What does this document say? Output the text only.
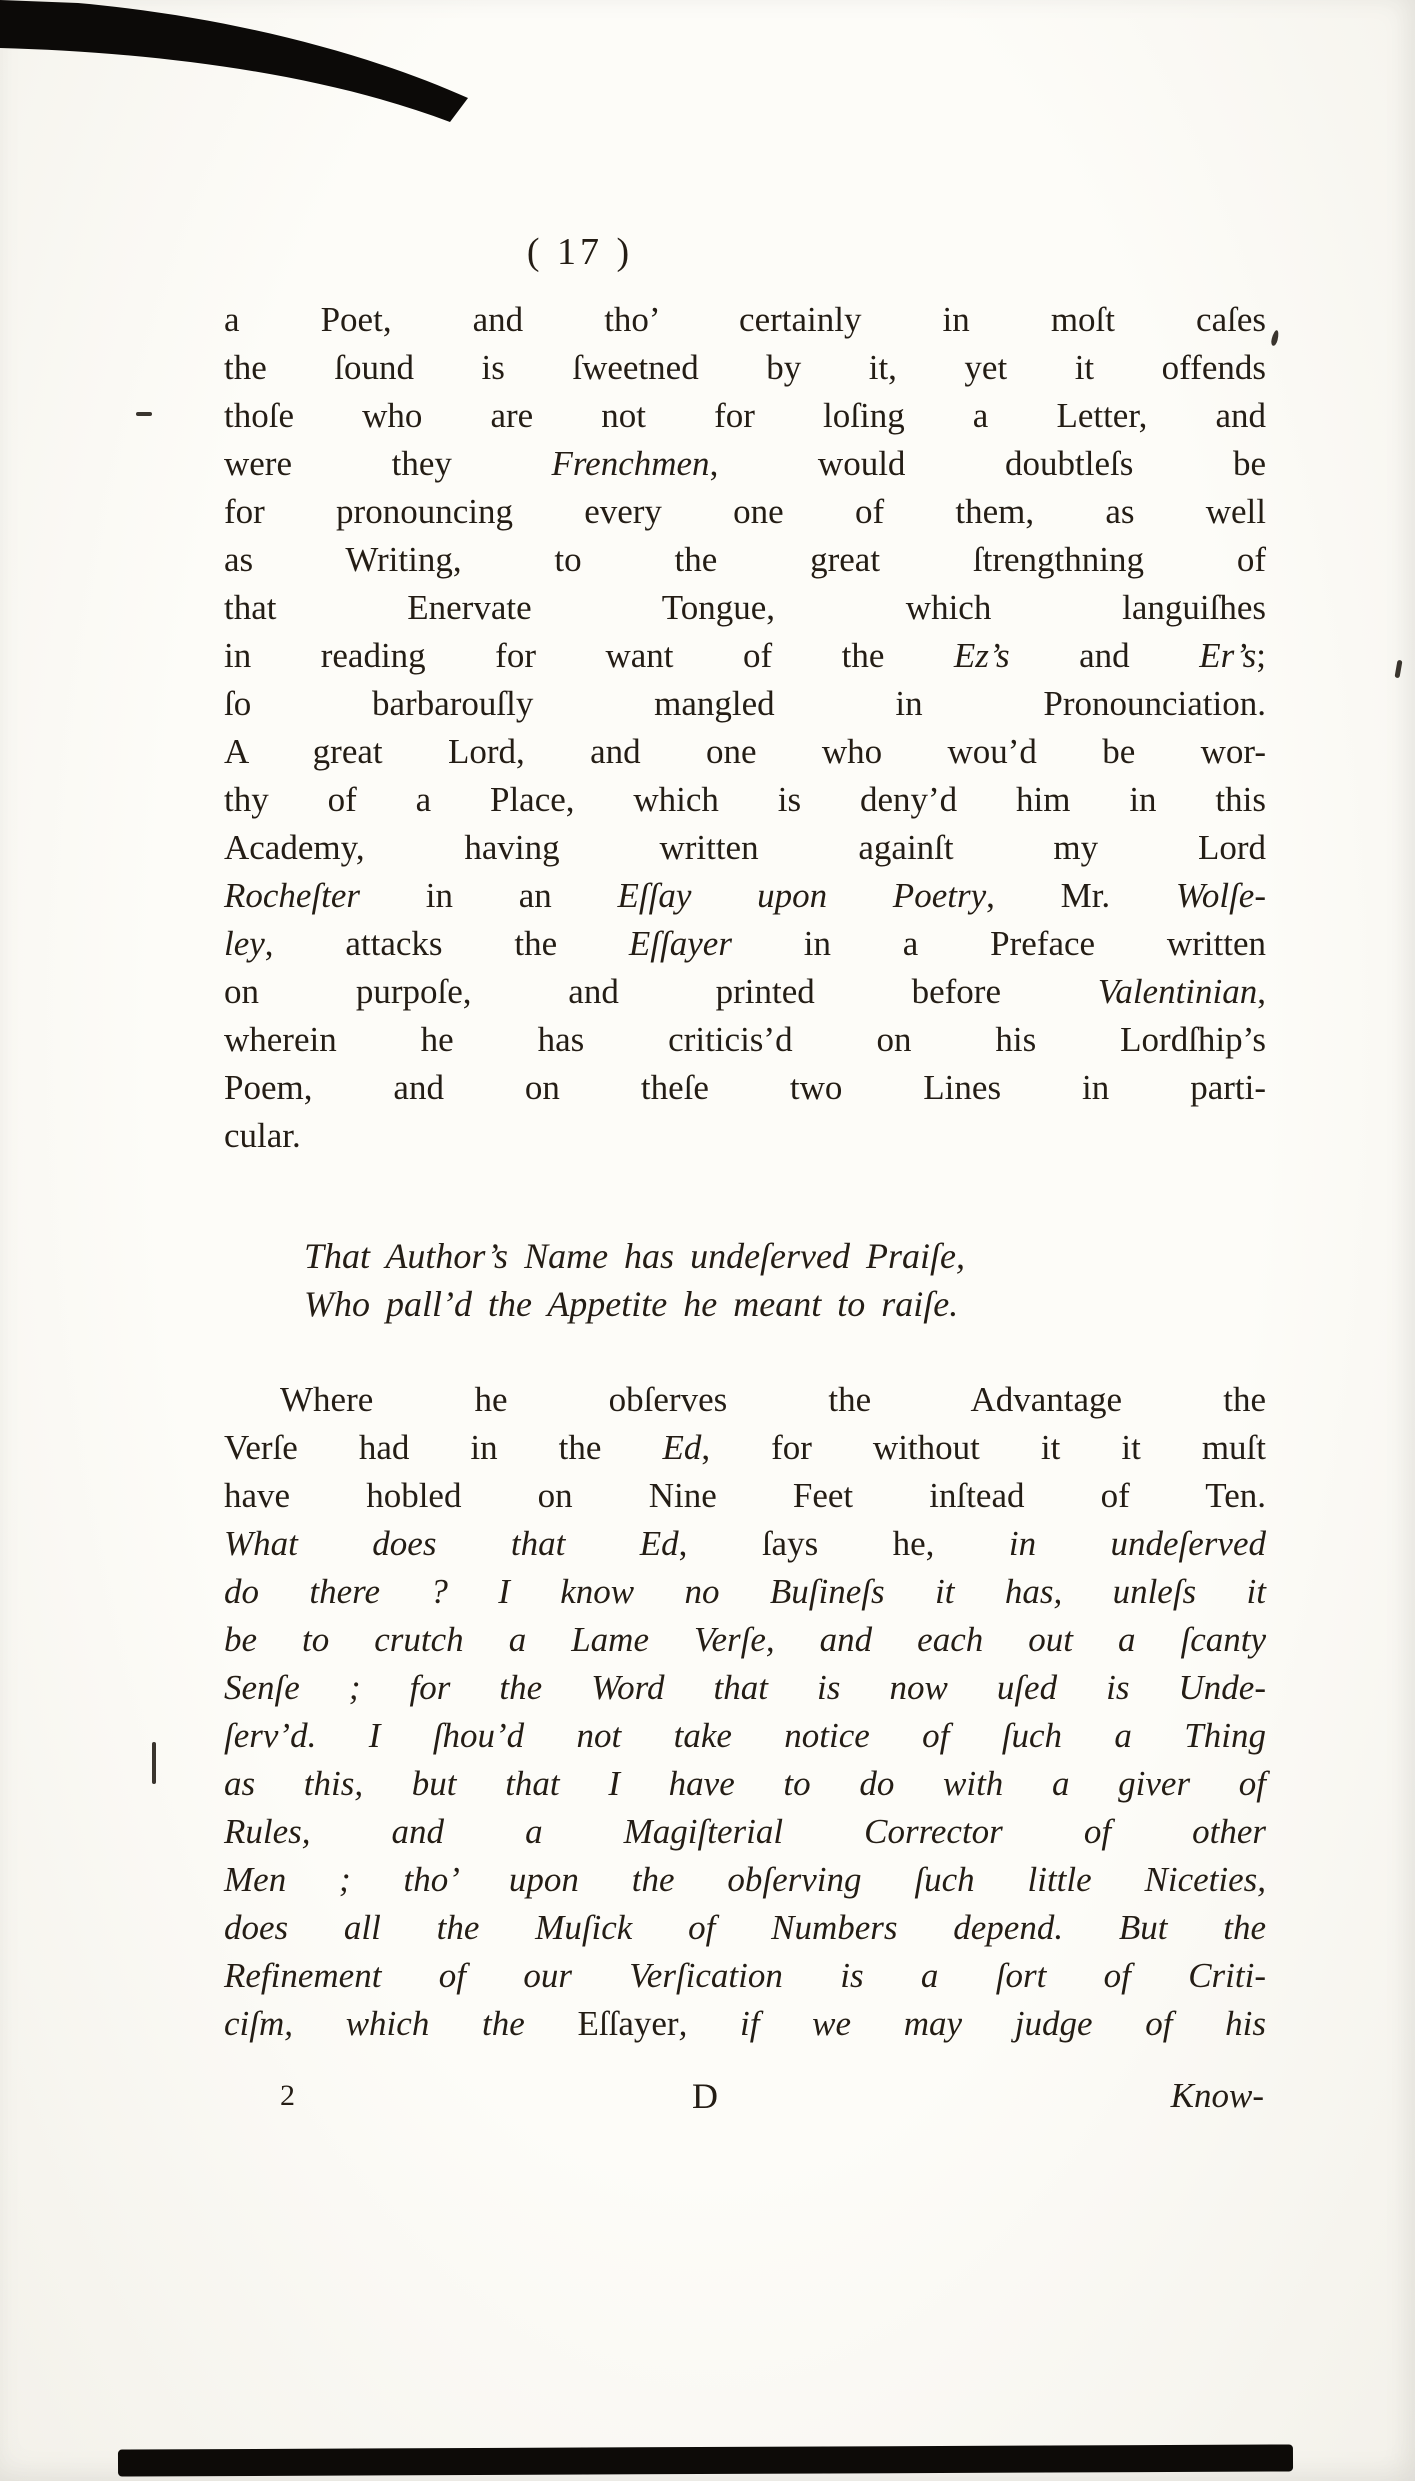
( 17 )
a Poet, and tho’ certainly in moſt caſes
the ſound is ſweetned by it, yet it offends
thoſe who are not for loſing a Letter, and
were they Frenchmen, would doubtleſs be
for pronouncing every one of them, as well
as Writing, to the great ſtrengthning of
that Enervate Tongue, which languiſhes
in reading for want of the Ez’s and Er’s;
ſo barbarouſly mangled in Pronounciation.
A great Lord, and one who wou’d be wor-
thy of a Place, which is deny’d him in this
Academy, having written againſt my Lord
Rocheſter in an Eſſay upon Poetry, Mr. Wolſe-
ley, attacks the Eſſayer in a Preface written
on purpoſe, and printed before Valentinian,
wherein he has criticis’d on his Lordſhip’s
Poem, and on theſe two Lines in parti-
cular.
That Author’s Name has undeſerved Praiſe,
Who pall’d the Appetite he meant to raiſe.
Where he obſerves the Advantage the
Verſe had in the Ed, for without it it muſt
have hobled on Nine Feet inſtead of Ten.
What does that Ed, ſays he, in undeſerved
do there ? I know no Buſineſs it has, unleſs it
be to crutch a Lame Verſe, and each out a ſcanty
Senſe ; for the Word that is now uſed is Unde-
ſerv’d. I ſhou’d not take notice of ſuch a Thing
as this, but that I have to do with a giver of
Rules, and a Magiſterial Corrector of other
Men ; tho’ upon the obſerving ſuch little Niceties,
does all the Muſick of Numbers depend. But the
Refinement of our Verſication is a ſort of Criti-
ciſm, which the Eſſayer, if we may judge of his
2	D	Know-
